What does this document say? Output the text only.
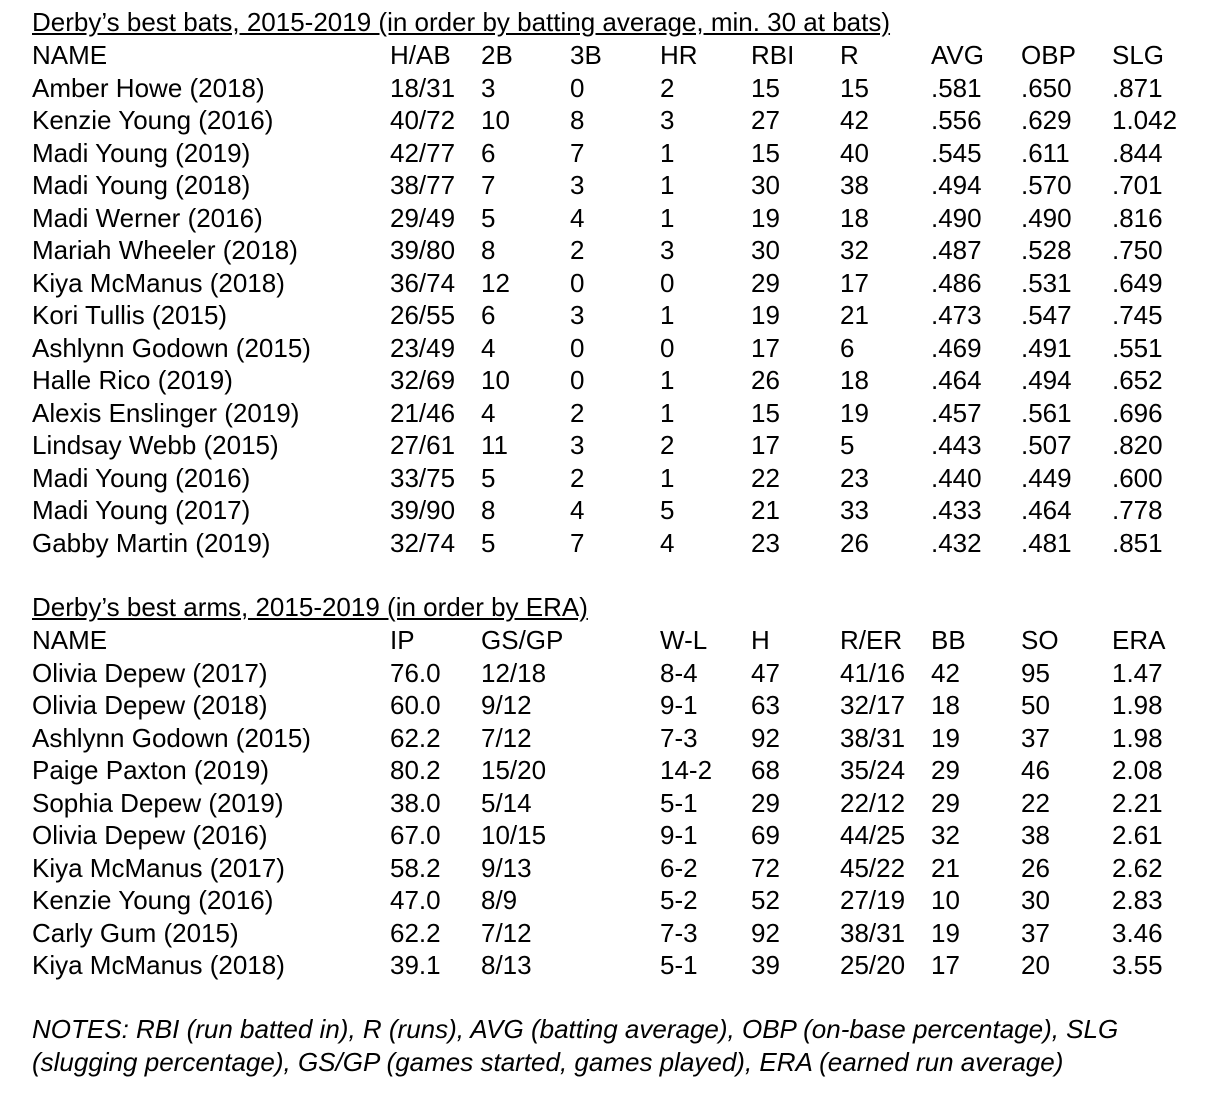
Derby’s best bats, 2015-2019 (in order by batting average, min. 30 at bats)
NAME	H/AB 2B 3B HR RBI R	AVG OBP SLG
Amber Howe (2018)	18/31 3	0	2	15 15 .581 .650 .871
Kenzie Young (2016)	40/72 10 8	3	27 42 .556 .629 1.042
Madi Young (2019)	42/77 6	7	1	15 40 .545 .611 .844
Madi Young (2018)	38/77 7	3	1	30 38 .494 .570 .701
Madi Werner (2016)	29/49 5	4	1	19 18 .490 .490 .816
Mariah Wheeler (2018)	39/80 8	2	3	30 32 .487 .528 .750
Kiya McManus (2018)	36/74 12 0	0	29 17 .486 .531 .649
Kori Tullis (2015)	26/55 6	3	1	19 21 .473 .547 .745
Ashlynn Godown (2015)	23/49 4	0	0	17 6	.469 .491 .551
Halle Rico (2019)	32/69 10 0	1	26 18 .464 .494 .652
Alexis Enslinger (2019)	21/46 4	2	1	15 19 .457 .561 .696
Lindsay Webb (2015)	27/61 11 3	2	17 5	.443 .507 .820
Madi Young (2016)	33/75 5	2	1	22 23 .440 .449 .600
Madi Young (2017)	39/90 8	4	5	21 33 .433 .464 .778
Gabby Martin (2019)	32/74 5	7	4	23 26 .432 .481 .851
Derby’s best arms, 2015-2019 (in order by ERA)
NAME	IP	GS/GP	W-L H	R/ER BB SO ERA
Olivia Depew (2017)	76.0 12/18	8-4 47 41/16 42 95 1.47
Olivia Depew (2018)	60.0 9/12	9-1 63 32/17 18 50 1.98
Ashlynn Godown (2015)	62.2 7/12	7-3 92 38/31 19 37 1.98
Paige Paxton (2019)	80.2 15/20	14-2 68 35/24 29 46 2.08
Sophia Depew (2019)	38.0 5/14	5-1 29 22/12 29 22 2.21
Olivia Depew (2016)	67.0 10/15	9-1 69 44/25 32 38 2.61
Kiya McManus (2017)	58.2 9/13	6-2 72 45/22 21 26 2.62
Kenzie Young (2016)	47.0 8/9	5-2 52 27/19 10 30 2.83
Carly Gum (2015)	62.2 7/12	7-3 92 38/31 19 37 3.46
Kiya McManus (2018)	39.1 8/13	5-1 39 25/20 17 20 3.55

NOTES: RBI (run batted in), R (runs), AVG (batting average), OBP (on-base percentage), SLG (slugging percentage), GS/GP (games started, games played), ERA (earned run average)
